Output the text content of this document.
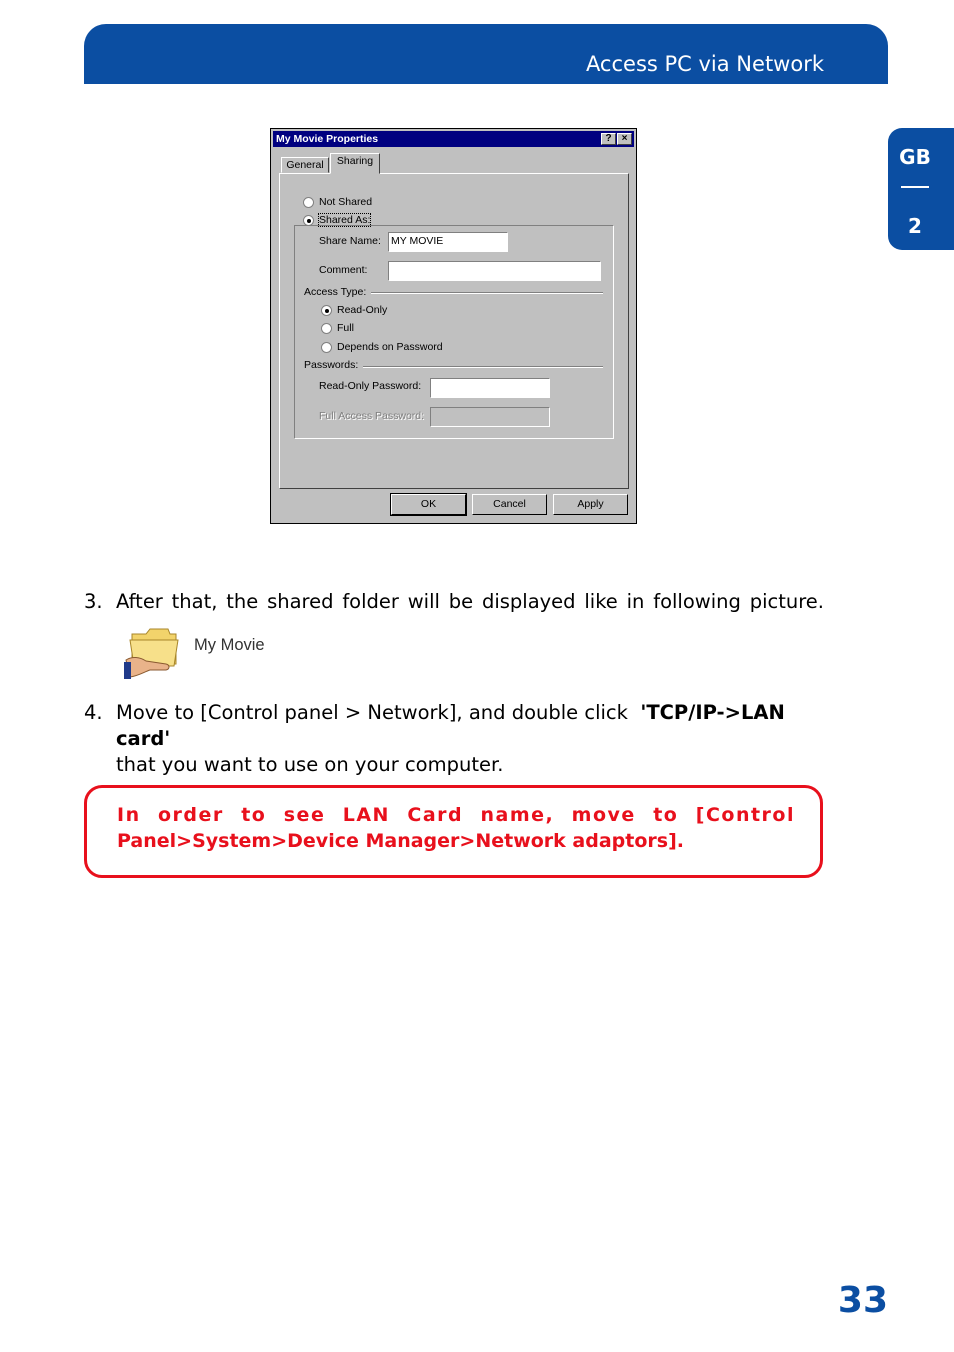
Access PC via Network
GB
2
My Movie Properties	?	×
General	Sharing
Not Shared
Shared As:
Share Name: MY MOVIE
Comment:
Access Type:
Read-Only
Full
Depends on Password
Passwords:
Read-Only Password:
Full Access Password:
OK	Cancel	Apply
3. After that, the shared folder will be displayed like in following picture.
My Movie
4. Move to [Control panel > Network], and double click  'TCP/IP->LAN card'
that you want to use on your computer.
In order to see LAN Card name, move to [Control
Panel>System>Device Manager>Network adaptors].
33
